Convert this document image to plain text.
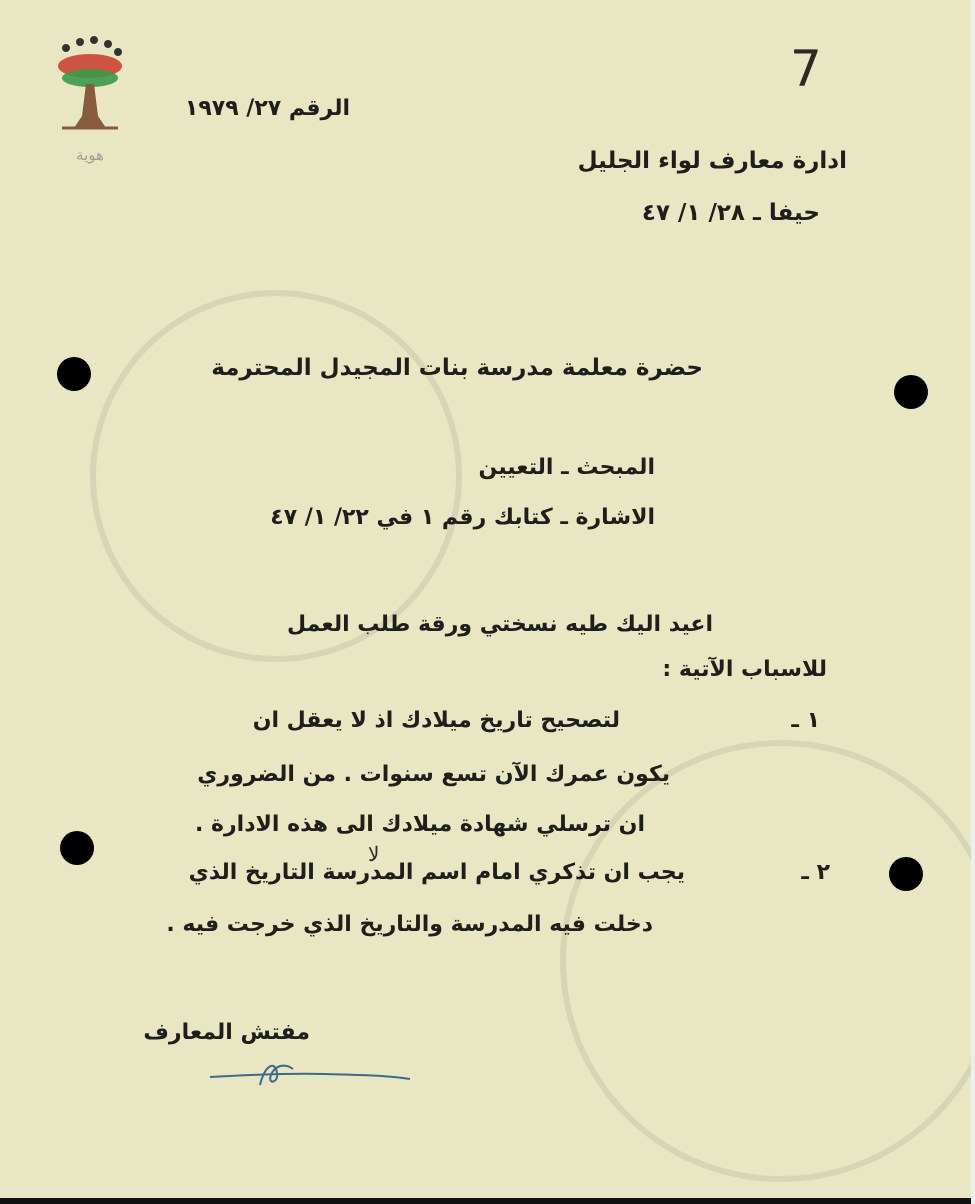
هوية
7
الرقم ٢٧/ ١٩٧٩
ادارة معارف لواء الجليل
حيفا ـ ٢٨/ ١/ ٤٧
حضرة معلمة مدرسة بنات المجيدل المحترمة
المبحث ـ التعيين
الاشارة ـ كتابك رقم ١ في ٢٢/ ١/ ٤٧
اعيد اليك طيه نسختي ورقة طلب العمل
للاسباب الآتية :
١ ـ
لتصحيح تاريخ ميلادك اذ لا يعقل ان
يكون عمرك الآن تسع سنوات . من الضروري
ان ترسلي شهادة ميلادك الى هذه الادارة .
لا
٢ ـ
يجب ان تذكري امام اسم المدرسة التاريخ الذي
دخلت فيه المدرسة والتاريخ الذي خرجت فيه .
مفتش المعارف
